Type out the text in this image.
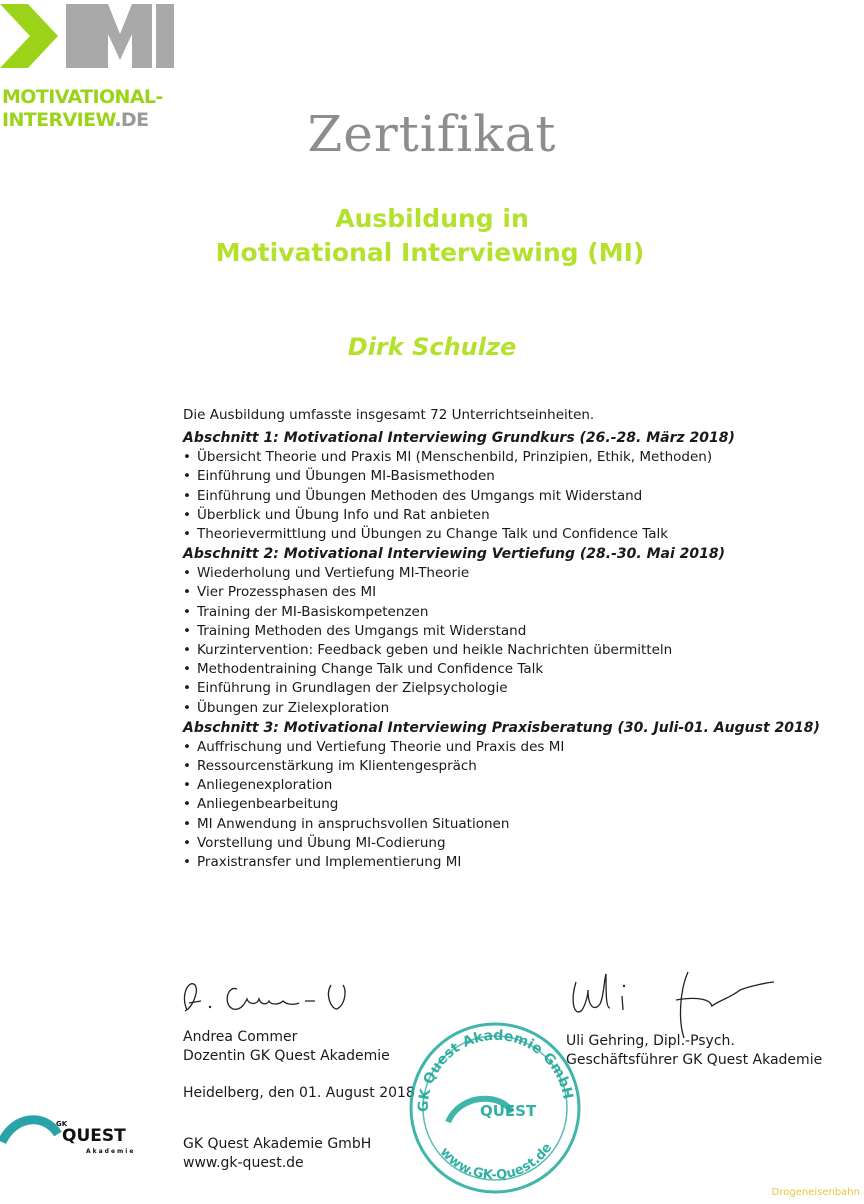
MOTIVATIONAL-
INTERVIEW.DE	Zertifikat
Ausbildung in
Motivational Interviewing (MI)
Dirk Schulze
Die Ausbildung umfasste insgesamt 72 Unterrichtseinheiten.
Abschnitt 1: Motivational Interviewing Grundkurs (26.-28. März 2018)
• Übersicht Theorie und Praxis MI (Menschenbild, Prinzipien, Ethik, Methoden)
• Einführung und Übungen MI-Basismethoden
• Einführung und Übungen Methoden des Umgangs mit Widerstand
• Überblick und Übung Info und Rat anbieten
• Theorievermittlung und Übungen zu Change Talk und Confidence Talk
Abschnitt 2: Motivational Interviewing Vertiefung (28.-30. Mai 2018)
• Wiederholung und Vertiefung MI-Theorie
• Vier Prozessphasen des MI
• Training der MI-Basiskompetenzen
• Training Methoden des Umgangs mit Widerstand
• Kurzintervention: Feedback geben und heikle Nachrichten übermitteln
• Methodentraining Change Talk und Confidence Talk
• Einführung in Grundlagen der Zielpsychologie
• Übungen zur Zielexploration
Abschnitt 3: Motivational Interviewing Praxisberatung (30. Juli-01. August 2018)
• Auffrischung und Vertiefung Theorie und Praxis des MI
• Ressourcenstärkung im Klientengespräch
• Anliegenexploration
• Anliegenbearbeitung
• MI Anwendung in anspruchsvollen Situationen
• Vorstellung und Übung MI-Codierung
• Praxistransfer und Implementierung MI
Andrea Commer
Dozentin GK Quest Akademie
Uli Gehring, Dipl.-Psych.
Geschäftsführer GK Quest Akademie
Heidelberg, den 01. August 2018
GK Quest Akademie GmbH
www.gk-quest.de
GK
QUEST
Akademie
GK Quest Akademie GmbH
QUEST
www.GK-Quest.de
Drogeneisenbahn
